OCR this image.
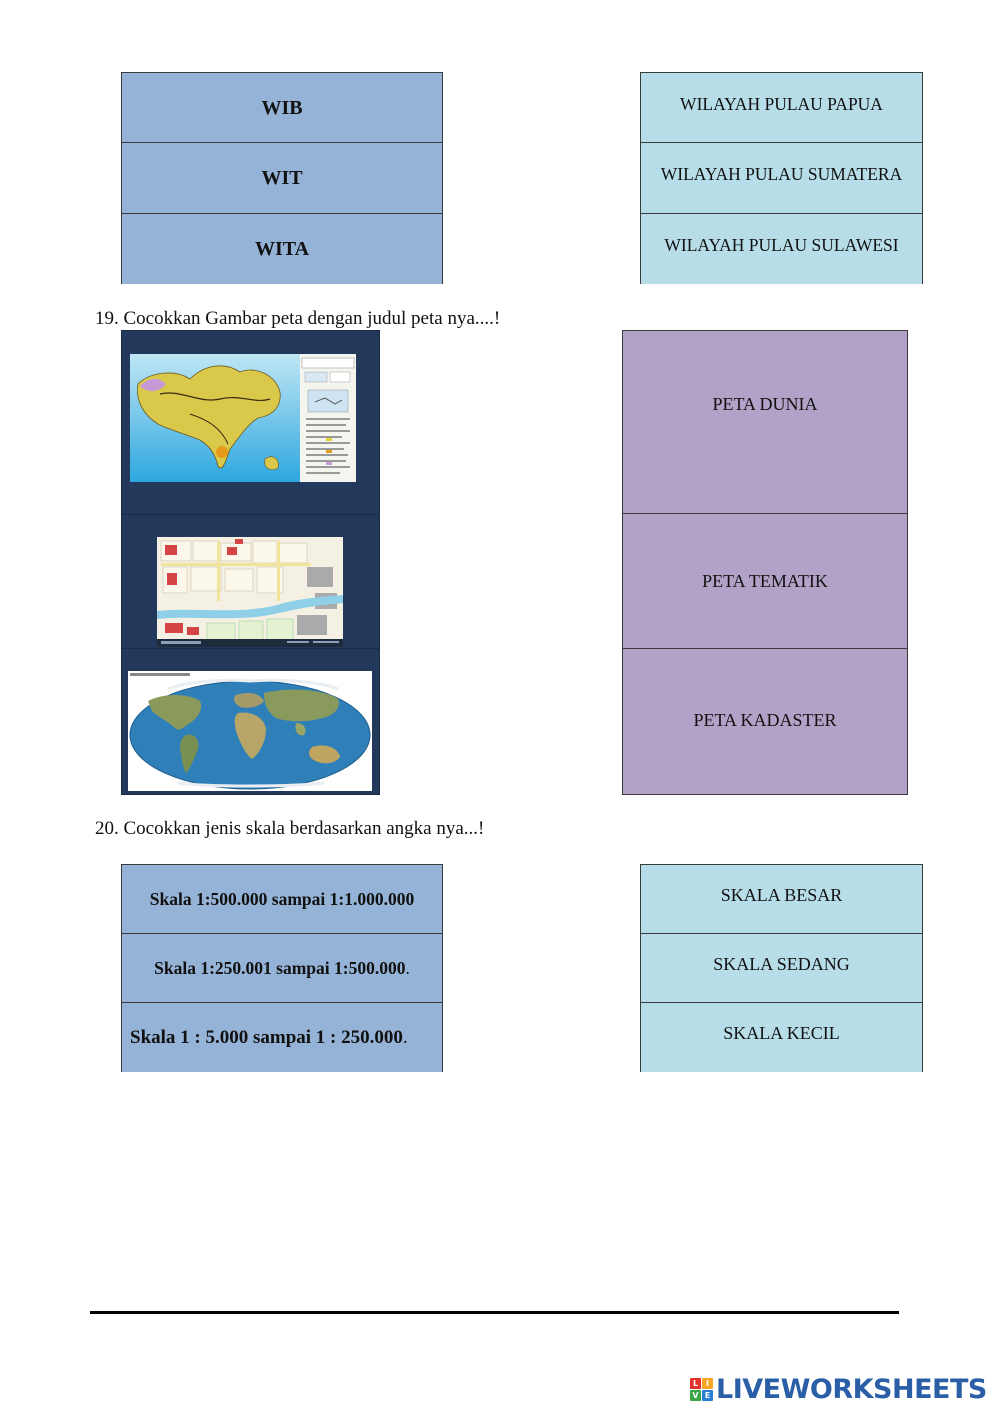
WIB
WIT
WITA
WILAYAH PULAU PAPUA
WILAYAH PULAU SUMATERA
WILAYAH PULAU SULAWESI
19. Cocokkan Gambar peta dengan judul peta nya....!
PETA DUNIA
PETA TEMATIK
PETA KADASTER
20. Cocokkan jenis skala berdasarkan angka nya...!
Skala 1:500.000 sampai 1:1.000.000
Skala 1:250.001 sampai 1:500.000.
Skala 1 : 5.000 sampai 1 : 250.000.
SKALA BESAR
SKALA SEDANG
SKALA KECIL
L I
V E LIVEWORKSHEETS
